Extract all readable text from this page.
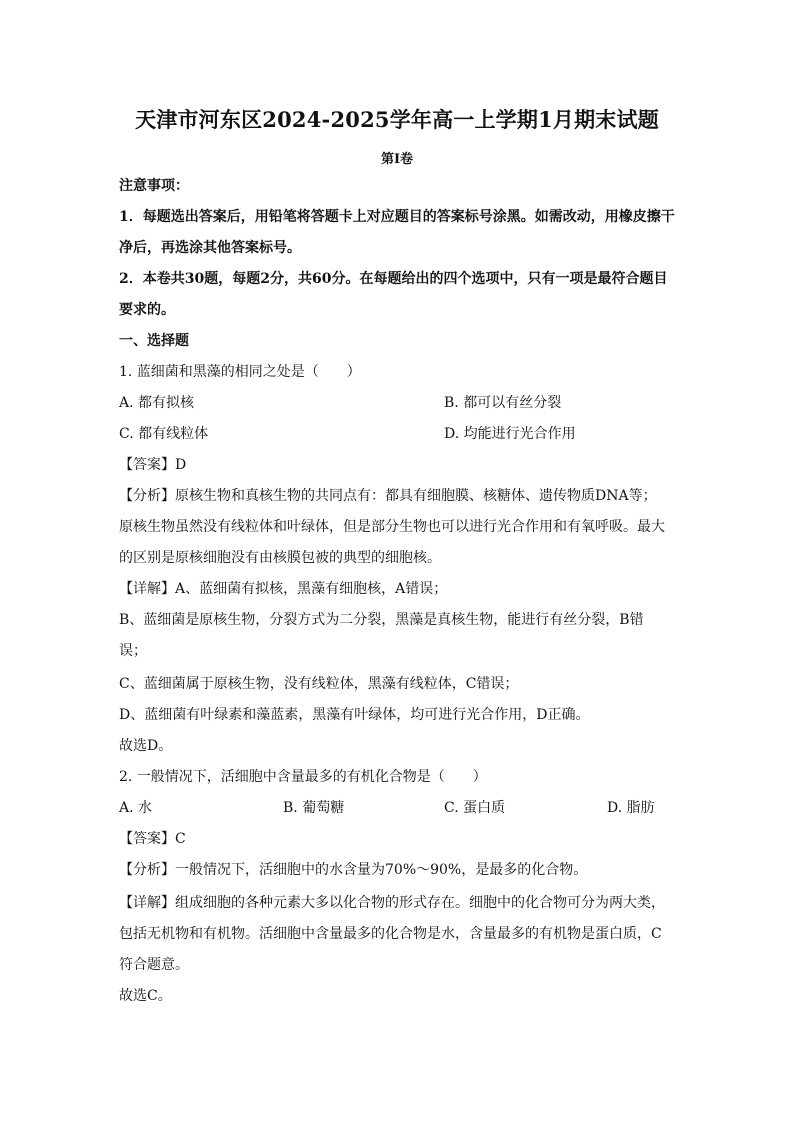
天津市河东区2024-2025学年高一上学期1月期末试题
第I卷
注意事项：
1．每题选出答案后，用铅笔将答题卡上对应题目的答案标号涂黑。如需改动，用橡皮擦干
净后，再选涂其他答案标号。
2．本卷共30题，每题2分，共60分。在每题给出的四个选项中，只有一项是最符合题目
要求的。
一、选择题
1. 蓝细菌和黑藻的相同之处是（　　）
A. 都有拟核	B. 都可以有丝分裂
C. 都有线粒体	D. 均能进行光合作用
【答案】D
【分析】原核生物和真核生物的共同点有：都具有细胞膜、核糖体、遗传物质DNA等；
原核生物虽然没有线粒体和叶绿体，但是部分生物也可以进行光合作用和有氧呼吸。最大
的区别是原核细胞没有由核膜包被的典型的细胞核。
【详解】A、蓝细菌有拟核，黑藻有细胞核，A错误；
B、蓝细菌是原核生物，分裂方式为二分裂，黑藻是真核生物，能进行有丝分裂，B错
误；
C、蓝细菌属于原核生物，没有线粒体，黑藻有线粒体，C错误；
D、蓝细菌有叶绿素和藻蓝素，黑藻有叶绿体，均可进行光合作用，D正确。
故选D。
2. 一般情况下，活细胞中含量最多的有机化合物是（　　）
A. 水	B. 葡萄糖	C. 蛋白质	D. 脂肪
【答案】C
【分析】一般情况下，活细胞中的水含量为70%～90%，是最多的化合物。
【详解】组成细胞的各种元素大多以化合物的形式存在。细胞中的化合物可分为两大类，
包括无机物和有机物。活细胞中含量最多的化合物是水，含量最多的有机物是蛋白质，C
符合题意。
故选C。
